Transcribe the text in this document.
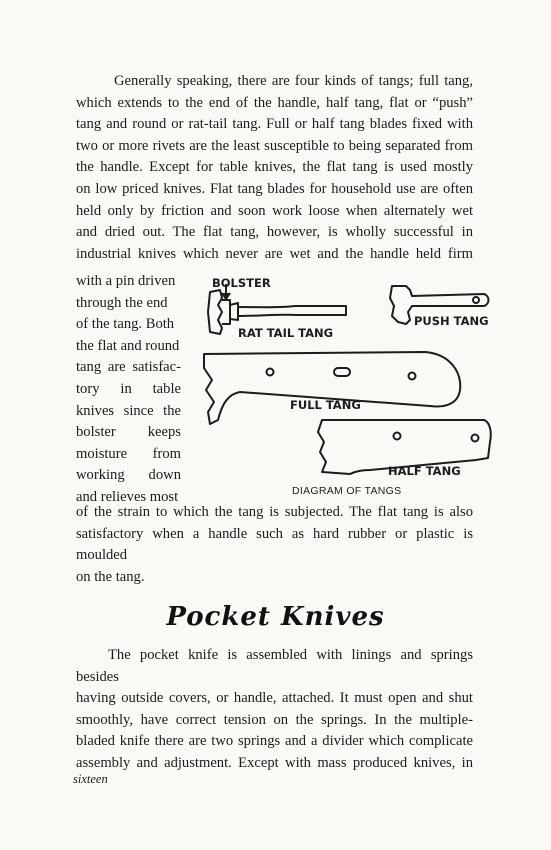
Generally speaking, there are four kinds of tangs; full tang,
which extends to the end of the handle, half tang, flat or “push”
tang and round or rat-tail tang. Full or half tang blades fixed with
two or more rivets are the least susceptible to being separated from
the handle. Except for table knives, the flat tang is used mostly
on low priced knives. Flat tang blades for household use are often
held only by friction and soon work loose when alternately wet
and dried out. The flat tang, however, is wholly successful in
industrial knives which never are wet and the handle held firm
with a pin driven
through the end
of the tang. Both
the flat and round
tang are satisfac-
tory in table
knives since the
bolster keeps
moisture from
working down
and relieves most
BOLSTER
RAT TAIL TANG
PUSH TANG
FULL TANG
HALF TANG
DIAGRAM OF TANGS
of the strain to which the tang is subjected. The flat tang is also
satisfactory when a handle such as hard rubber or plastic is moulded
on the tang.
Pocket Knives
The pocket knife is assembled with linings and springs besides
having outside covers, or handle, attached. It must open and shut
smoothly, have correct tension on the springs. In the multiple-
bladed knife there are two springs and a divider which complicate
assembly and adjustment. Except with mass produced knives, in
sixteen
